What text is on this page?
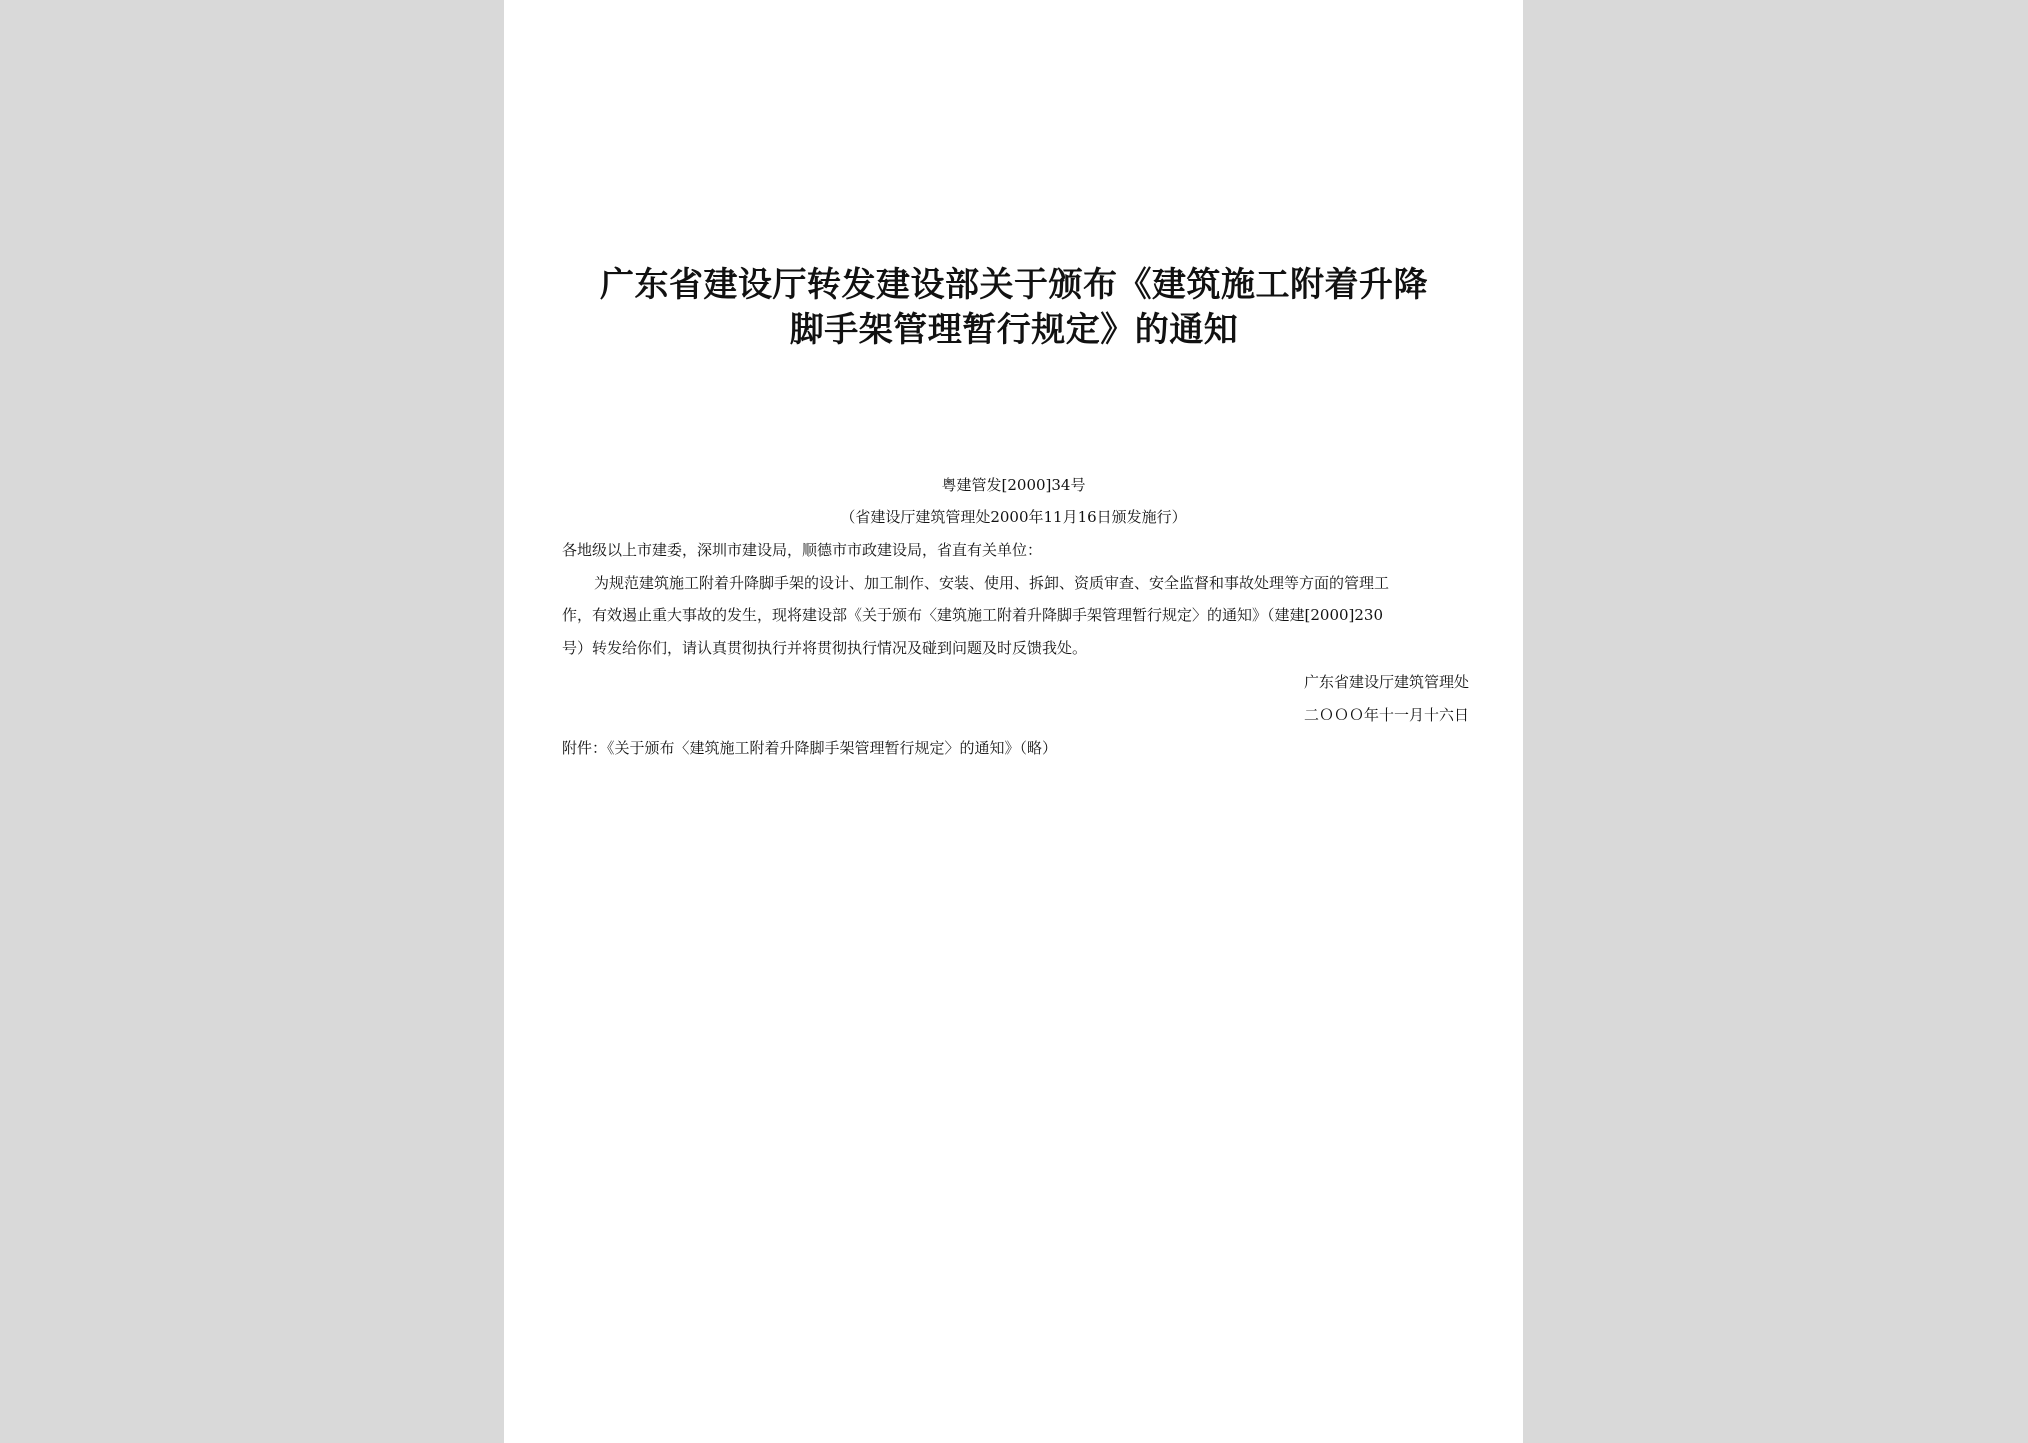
广东省建设厅转发建设部关于颁布《建筑施工附着升降
脚手架管理暂行规定》的通知
粤建管发[2000]34号
（省建设厅建筑管理处2000年11月16日颁发施行）
各地级以上市建委，深圳市建设局，顺德市市政建设局，省直有关单位：
为规范建筑施工附着升降脚手架的设计、加工制作、安装、使用、拆卸、资质审查、安全监督和事故处理等方面的管理工
作，有效遏止重大事故的发生，现将建设部《关于颁布〈建筑施工附着升降脚手架管理暂行规定〉的通知》（建建[2000]230
号）转发给你们，请认真贯彻执行并将贯彻执行情况及碰到问题及时反馈我处。
广东省建设厅建筑管理处
二ＯＯＯ年十一月十六日
附件：《关于颁布〈建筑施工附着升降脚手架管理暂行规定〉的通知》（略）
